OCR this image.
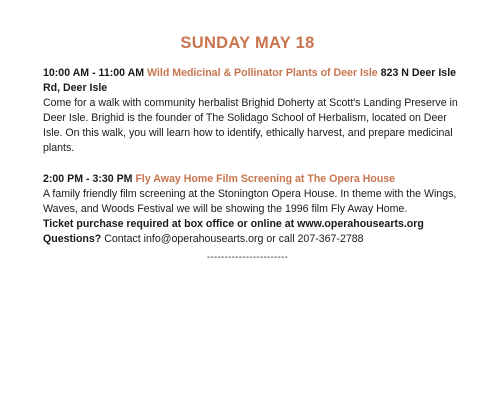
SUNDAY MAY 18
10:00 AM - 11:00 AM Wild Medicinal & Pollinator Plants of Deer Isle 823 N Deer Isle Rd, Deer Isle
Come for a walk with community herbalist Brighid Doherty at Scott's Landing Preserve in Deer Isle. Brighid is the founder of The Solidago School of Herbalism, located on Deer Isle. On this walk, you will learn how to identify, ethically harvest, and prepare medicinal plants.
2:00 PM - 3:30 PM Fly Away Home Film Screening at The Opera House
A family friendly film screening at the Stonington Opera House. In theme with the Wings, Waves, and Woods Festival we will be showing the 1996 film Fly Away Home.
Ticket purchase required at box office or online at www.operahousearts.org
Questions? Contact info@operahousearts.org or call 207-367-2788
-----------------------
